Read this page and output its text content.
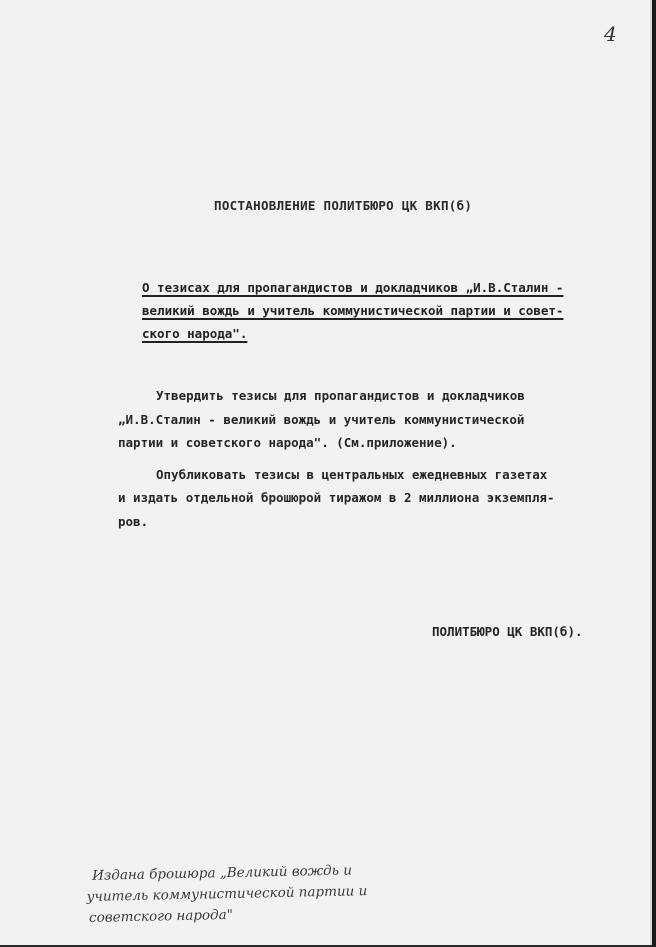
4
ПОСТАНОВЛЕНИЕ ПОЛИТБЮРО ЦК ВКП(б)
О тезисах для пропагандистов и докладчиков „И.В.Сталин -
великий вождь и учитель коммунистической партии и совет-
ского народа".
Утвердить тезисы для пропагандистов и докладчиков
„И.В.Сталин - великий вождь и учитель коммунистической
партии и советского народа". (См.приложение).
Опубликовать тезисы в центральных ежедневных газетах
и издать отдельной брошюрой тиражом в 2 миллиона экземпля-
ров.
ПОЛИТБЮРО ЦК ВКП(б).
Издана брошюра „Великий вождь и
учитель коммунистической партии и
советского народа"
